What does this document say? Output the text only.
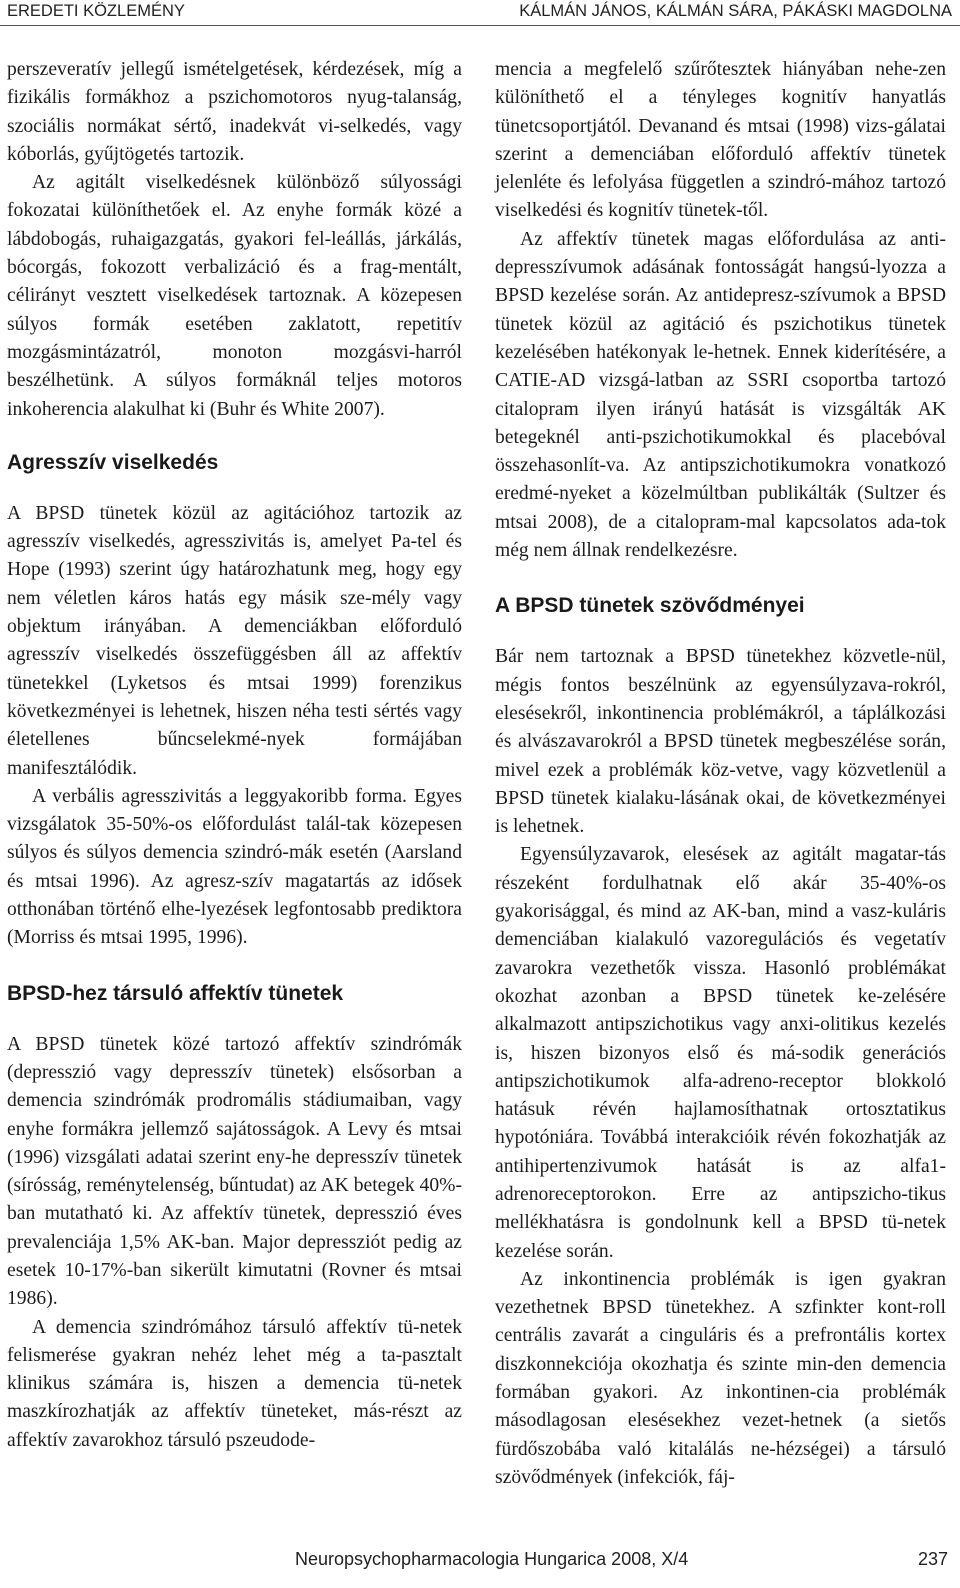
EREDETI KÖZLEMÉNY	KÁLMÁN JÁNOS, KÁLMÁN SÁRA, PÁKÁSKI MAGDOLNA

perszeveratív jellegű ismételgetések, kérdezések, míg a fizikális formákhoz a pszichomotoros nyug-talanság, szociális normákat sértő, inadekvát vi-selkedés, vagy kóborlás, gyűjtögetés tartozik.

Az agitált viselkedésnek különböző súlyossági fokozatai különíthetőek el. Az enyhe formák közé a lábdobogás, ruhaigazgatás, gyakori fel-leállás, járkálás, bócorgás, fokozott verbalizáció és a frag-mentált, célirányt vesztett viselkedések tartoznak. A közepesen súlyos formák esetében zaklatott, repetitív mozgásmintázatról, monoton mozgásvi-harról beszélhetünk. A súlyos formáknál teljes motoros inkoherencia alakulhat ki (Buhr és White 2007).

Agresszív viselkedés

A BPSD tünetek közül az agitációhoz tartozik az agresszív viselkedés, agresszivitás is, amelyet Pa-tel és Hope (1993) szerint úgy határozhatunk meg, hogy egy nem véletlen káros hatás egy másik sze-mély vagy objektum irányában. A demenciákban előforduló agresszív viselkedés összefüggésben áll az affektív tünetekkel (Lyketsos és mtsai 1999) forenzikus következményei is lehetnek, hiszen néha testi sértés vagy életellenes bűncselekmé-nyek formájában manifesztálódik.

A verbális agresszivitás a leggyakoribb forma. Egyes vizsgálatok 35-50%-os előfordulást talál-tak közepesen súlyos és súlyos demencia szindró-mák esetén (Aarsland és mtsai 1996). Az agresz-szív magatartás az idősek otthonában történő elhe-lyezések legfontosabb prediktora (Morriss és mtsai 1995, 1996).

BPSD-hez társuló affektív tünetek

A BPSD tünetek közé tartozó affektív szindrómák (depresszió vagy depresszív tünetek) elsősorban a demencia szindrómák prodromális stádiumaiban, vagy enyhe formákra jellemző sajátosságok. A Levy és mtsai (1996) vizsgálati adatai szerint eny-he depresszív tünetek (sírósság, reménytelenség, bűntudat) az AK betegek 40%-ban mutatható ki. Az affektív tünetek, depresszió éves prevalenciája 1,5% AK-ban. Major depressziót pedig az esetek 10-17%-ban sikerült kimutatni (Rovner és mtsai 1986).

A demencia szindrómához társuló affektív tü-netek felismerése gyakran nehéz lehet még a ta-pasztalt klinikus számára is, hiszen a demencia tü-netek maszkírozhatják az affektív tüneteket, más-részt az affektív zavarokhoz társuló pszeudode-

mencia a megfelelő szűrőtesztek hiányában nehe-zen különíthető el a tényleges kognitív hanyatlás tünetcsoportjától. Devanand és mtsai (1998) vizs-gálatai szerint a demenciában előforduló affektív tünetek jelenléte és lefolyása független a szindró-mához tartozó viselkedési és kognitív tünetek-től.

Az affektív tünetek magas előfordulása az anti-depresszívumok adásának fontosságát hangsú-lyozza a BPSD kezelése során. Az antidepresz-szívumok a BPSD tünetek közül az agitáció és pszichotikus tünetek kezelésében hatékonyak le-hetnek. Ennek kiderítésére, a CATIE-AD vizsgá-latban az SSRI csoportba tartozó citalopram ilyen irányú hatását is vizsgálták AK betegeknél anti-pszichotikumokkal és placebóval összehasonlít-va. Az antipszichotikumokra vonatkozó eredmé-nyeket a közelmúltban publikálták (Sultzer és mtsai 2008), de a citalopram-mal kapcsolatos ada-tok még nem állnak rendelkezésre.

A BPSD tünetek szövődményei

Bár nem tartoznak a BPSD tünetekhez közvetle-nül, mégis fontos beszélnünk az egyensúlyzava-rokról, elesésekről, inkontinencia problémákról, a táplálkozási és alvászavarokról a BPSD tünetek megbeszélése során, mivel ezek a problémák köz-vetve, vagy közvetlenül a BPSD tünetek kialaku-lásának okai, de következményei is lehetnek.

Egyensúlyzavarok, elesések az agitált magatar-tás részeként fordulhatnak elő akár 35-40%-os gyakorisággal, és mind az AK-ban, mind a vasz-kuláris demenciában kialakuló vazoregulációs és vegetatív zavarokra vezethetők vissza. Hasonló problémákat okozhat azonban a BPSD tünetek ke-zelésére alkalmazott antipszichotikus vagy anxi-olitikus kezelés is, hiszen bizonyos első és má-sodik generációs antipszichotikumok alfa-adreno-receptor blokkoló hatásuk révén hajlamosíthatnak ortosztatikus hypotóniára. Továbbá interakcióik révén fokozhatják az antihipertenzivumok hatását is az alfa1-adrenoreceptorokon. Erre az antipszicho-tikus mellékhatásra is gondolnunk kell a BPSD tü-netek kezelése során.

Az inkontinencia problémák is igen gyakran vezethetnek BPSD tünetekhez. A szfinkter kont-roll centrális zavarát a cinguláris és a prefrontális kortex diszkonnekciója okozhatja és szinte min-den demencia formában gyakori. Az inkontinen-cia problémák másodlagosan elesésekhez vezet-hetnek (a sietős fürdőszobába való kitalálás ne-hézségei) a társuló szövődmények (infekciók, fáj-

Neuropsychopharmacologia Hungarica 2008, X/4	237
